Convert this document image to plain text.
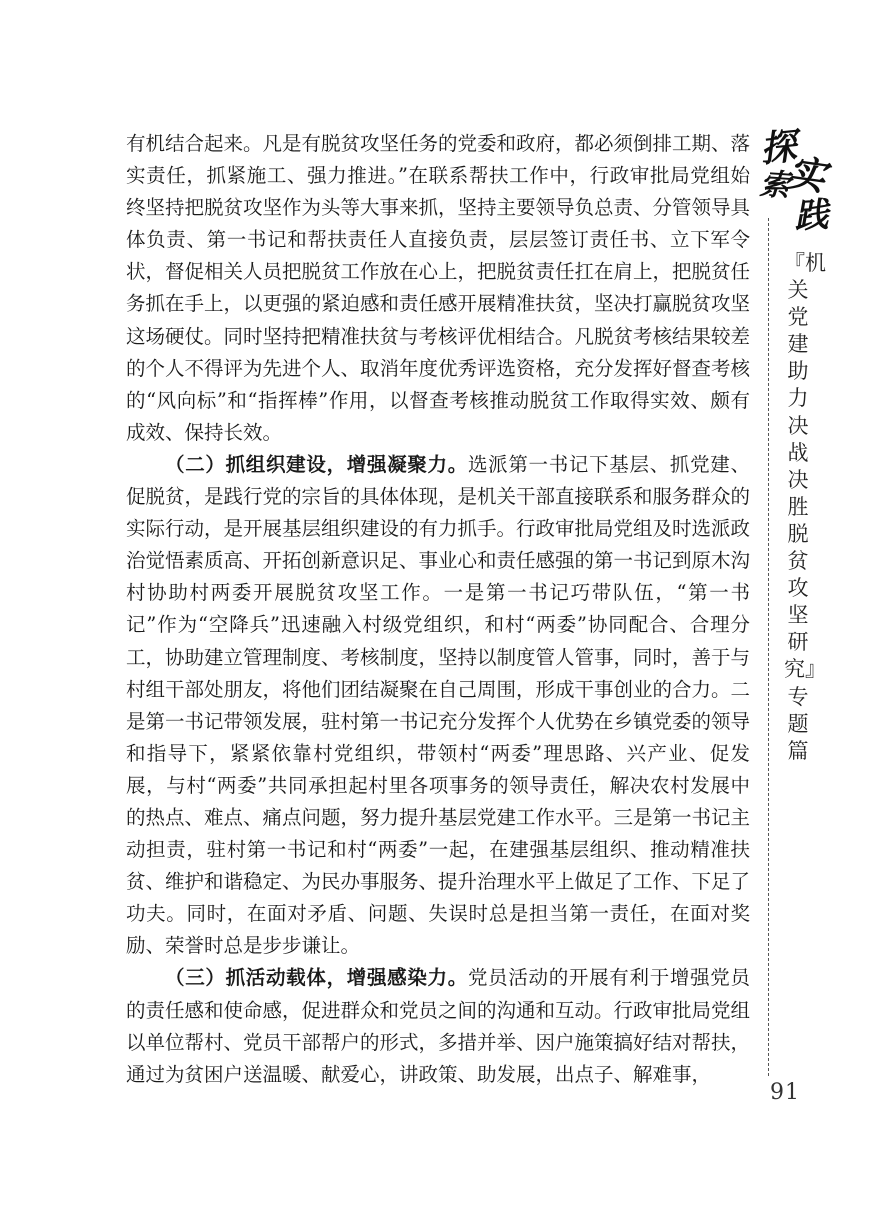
有机结合起来。凡是有脱贫攻坚任务的党委和政府，都必须倒排工期、落实责任，抓紧施工、强力推进。”在联系帮扶工作中，行政审批局党组始终坚持把脱贫攻坚作为头等大事来抓，坚持主要领导负总责、分管领导具体负责、第一书记和帮扶责任人直接负责，层层签订责任书、立下军令状，督促相关人员把脱贫工作放在心上，把脱贫责任扛在肩上，把脱贫任务抓在手上，以更强的紧迫感和责任感开展精准扶贫，坚决打赢脱贫攻坚这场硬仗。同时坚持把精准扶贫与考核评优相结合。凡脱贫考核结果较差的个人不得评为先进个人、取消年度优秀评选资格，充分发挥好督查考核的“风向标”和“指挥棒”作用，以督查考核推动脱贫工作取得实效、颇有成效、保持长效。

（二）抓组织建设，增强凝聚力。选派第一书记下基层、抓党建、促脱贫，是践行党的宗旨的具体体现，是机关干部直接联系和服务群众的实际行动，是开展基层组织建设的有力抓手。行政审批局党组及时选派政治觉悟素质高、开拓创新意识足、事业心和责任感强的第一书记到原木沟村协助村两委开展脱贫攻坚工作。一是第一书记巧带队伍，“第一书记”作为“空降兵”迅速融入村级党组织，和村“两委”协同配合、合理分工，协助建立管理制度、考核制度，坚持以制度管人管事，同时，善于与村组干部处朋友，将他们团结凝聚在自己周围，形成干事创业的合力。二是第一书记带领发展，驻村第一书记充分发挥个人优势在乡镇党委的领导和指导下，紧紧依靠村党组织，带领村“两委”理思路、兴产业、促发展，与村“两委”共同承担起村里各项事务的领导责任，解决农村发展中的热点、难点、痛点问题，努力提升基层党建工作水平。三是第一书记主动担责，驻村第一书记和村“两委”一起，在建强基层组织、推动精准扶贫、维护和谐稳定、为民办事服务、提升治理水平上做足了工作、下足了功夫。同时，在面对矛盾、问题、失误时总是担当第一责任，在面对奖励、荣誉时总是步步谦让。

（三）抓活动载体，增强感染力。党员活动的开展有利于增强党员的责任感和使命感，促进群众和党员之间的沟通和互动。行政审批局党组以单位帮村、党员干部帮户的形式，多措并举、因户施策搞好结对帮扶，通过为贫困户送温暖、献爱心，讲政策、助发展，出点子、解难事，

探
索
实
践
『机关党建助力决战决胜脱贫攻坚研究』专题篇
91
